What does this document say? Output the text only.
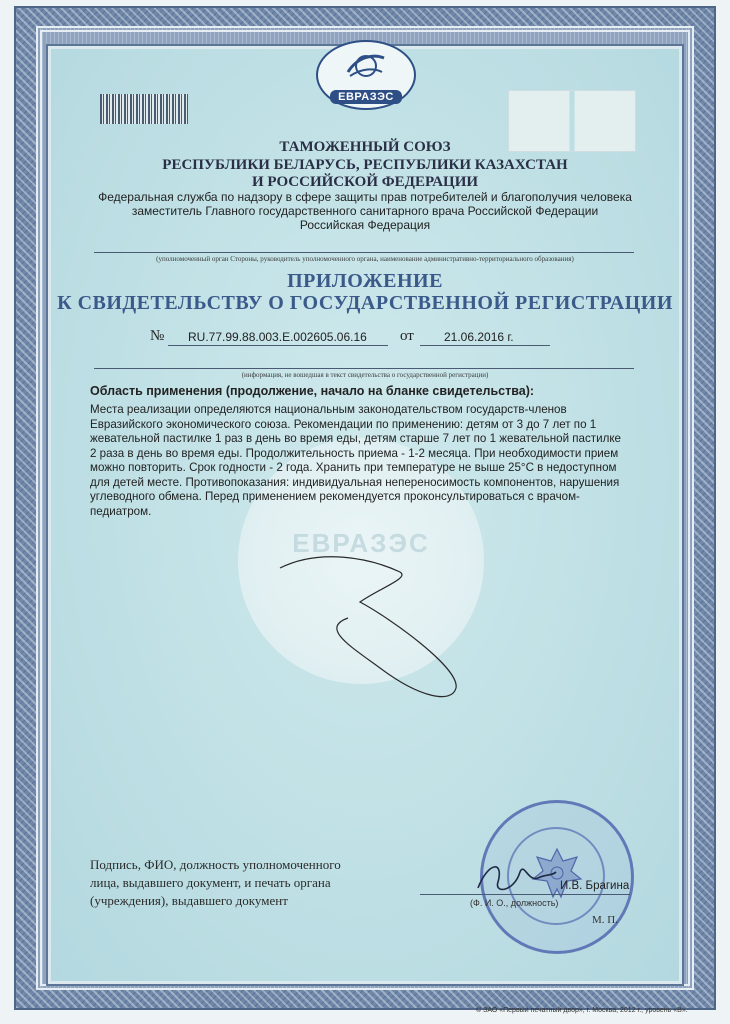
ЕВРАЗЭС
ТАМОЖЕННЫЙ СОЮЗ
РЕСПУБЛИКИ БЕЛАРУСЬ, РЕСПУБЛИКИ КАЗАХСТАН
И РОССИЙСКОЙ ФЕДЕРАЦИИ
Федеральная служба по надзору в сфере защиты прав потребителей и благополучия человека
заместитель Главного государственного санитарного врача Российской Федерации
Российская Федерация
(уполномоченный орган Стороны, руководитель уполномоченного органа, наименование административно-территориального образования)
ПРИЛОЖЕНИЕ
К СВИДЕТЕЛЬСТВУ О ГОСУДАРСТВЕННОЙ РЕГИСТРАЦИИ
№ RU.77.99.88.003.E.002605.06.16 от	21.06.2016 г.
(информация, не вошедшая в текст свидетельства о государственной регистрации)
ЕВРАЗЭС
Область применения (продолжение, начало на бланке свидетельства):
Места реализации определяются национальным законодательством государств-членов
Евразийского экономического союза. Рекомендации по применению: детям от 3 до 7 лет по 1
жевательной пастилке 1 раз в день во время еды, детям старше 7 лет по 1 жевательной пастилке
2 раза в день во время еды. Продолжительность приема - 1-2 месяца. При необходимости прием
можно повторить. Срок годности - 2 года. Хранить при температуре не выше 25°С в недоступном
для детей месте. Противопоказания: индивидуальная непереносимость компонентов, нарушения
углеводного обмена. Перед применением рекомендуется проконсультироваться с врачом-
педиатром.
Подпись, ФИО, должность уполномоченного
лица, выдавшего документ, и печать органа
(учреждения), выдавшего документ
И.В. Брагина
(Ф. И. О., должность)
М. П.
© ЗАО «Первый печатный двор», г. Москва, 2012 г., уровень «В».
